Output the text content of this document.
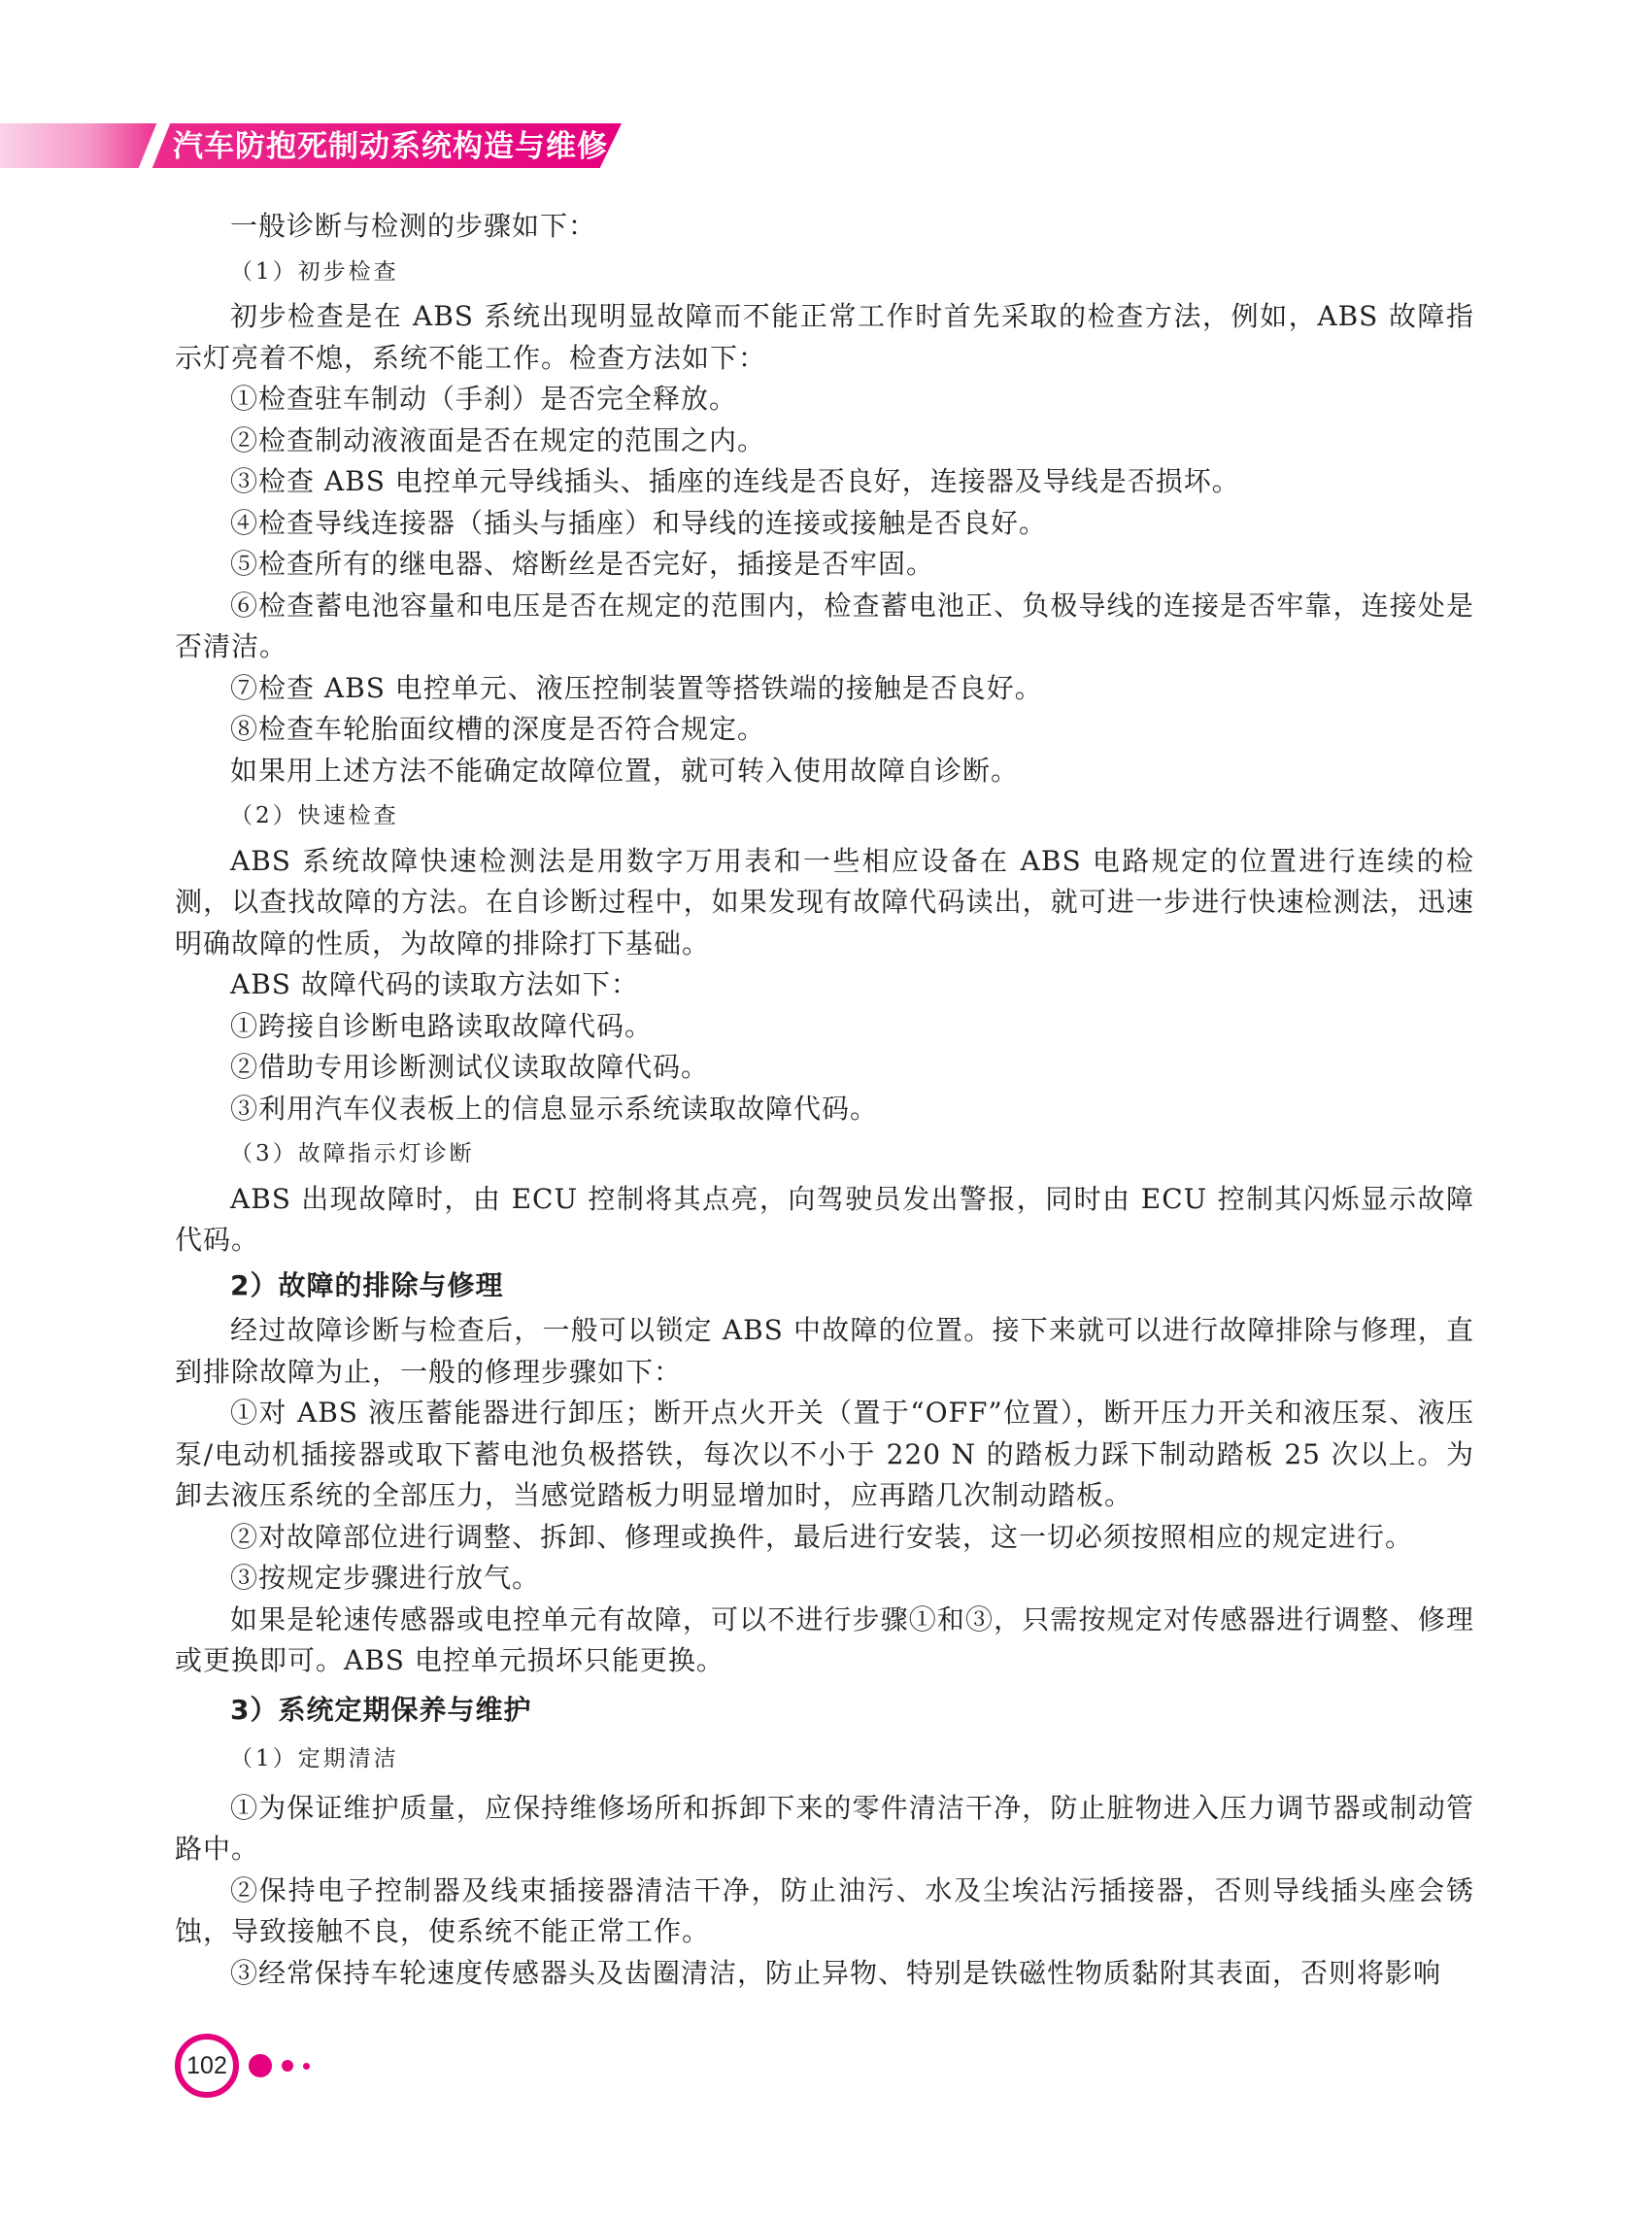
汽车防抱死制动系统构造与维修

一般诊断与检测的步骤如下：

（1）初步检查

初步检查是在 ABS 系统出现明显故障而不能正常工作时首先采取的检查方法，例如，ABS 故障指示灯亮着不熄，系统不能工作。检查方法如下：

①检查驻车制动（手刹）是否完全释放。

②检查制动液液面是否在规定的范围之内。

③检查 ABS 电控单元导线插头、插座的连线是否良好，连接器及导线是否损坏。

④检查导线连接器（插头与插座）和导线的连接或接触是否良好。

⑤检查所有的继电器、熔断丝是否完好，插接是否牢固。

⑥检查蓄电池容量和电压是否在规定的范围内，检查蓄电池正、负极导线的连接是否牢靠，连接处是否清洁。

⑦检查 ABS 电控单元、液压控制装置等搭铁端的接触是否良好。

⑧检查车轮胎面纹槽的深度是否符合规定。

如果用上述方法不能确定故障位置，就可转入使用故障自诊断。

（2）快速检查

ABS 系统故障快速检测法是用数字万用表和一些相应设备在 ABS 电路规定的位置进行连续的检测，以查找故障的方法。在自诊断过程中，如果发现有故障代码读出，就可进一步进行快速检测法，迅速明确故障的性质，为故障的排除打下基础。

ABS 故障代码的读取方法如下：

①跨接自诊断电路读取故障代码。

②借助专用诊断测试仪读取故障代码。

③利用汽车仪表板上的信息显示系统读取故障代码。

（3）故障指示灯诊断

ABS 出现故障时，由 ECU 控制将其点亮，向驾驶员发出警报，同时由 ECU 控制其闪烁显示故障代码。

2）故障的排除与修理

经过故障诊断与检查后，一般可以锁定 ABS 中故障的位置。接下来就可以进行故障排除与修理，直到排除故障为止，一般的修理步骤如下：

①对 ABS 液压蓄能器进行卸压；断开点火开关（置于“OFF”位置），断开压力开关和液压泵、液压泵/电动机插接器或取下蓄电池负极搭铁，每次以不小于 220 N 的踏板力踩下制动踏板 25 次以上。为卸去液压系统的全部压力，当感觉踏板力明显增加时，应再踏几次制动踏板。

②对故障部位进行调整、拆卸、修理或换件，最后进行安装，这一切必须按照相应的规定进行。

③按规定步骤进行放气。

如果是轮速传感器或电控单元有故障，可以不进行步骤①和③，只需按规定对传感器进行调整、修理或更换即可。ABS 电控单元损坏只能更换。

3）系统定期保养与维护

（1）定期清洁

①为保证维护质量，应保持维修场所和拆卸下来的零件清洁干净，防止脏物进入压力调节器或制动管路中。

②保持电子控制器及线束插接器清洁干净，防止油污、水及尘埃沾污插接器，否则导线插头座会锈蚀，导致接触不良，使系统不能正常工作。

③经常保持车轮速度传感器头及齿圈清洁，防止异物、特别是铁磁性物质黏附其表面，否则将影响

102
